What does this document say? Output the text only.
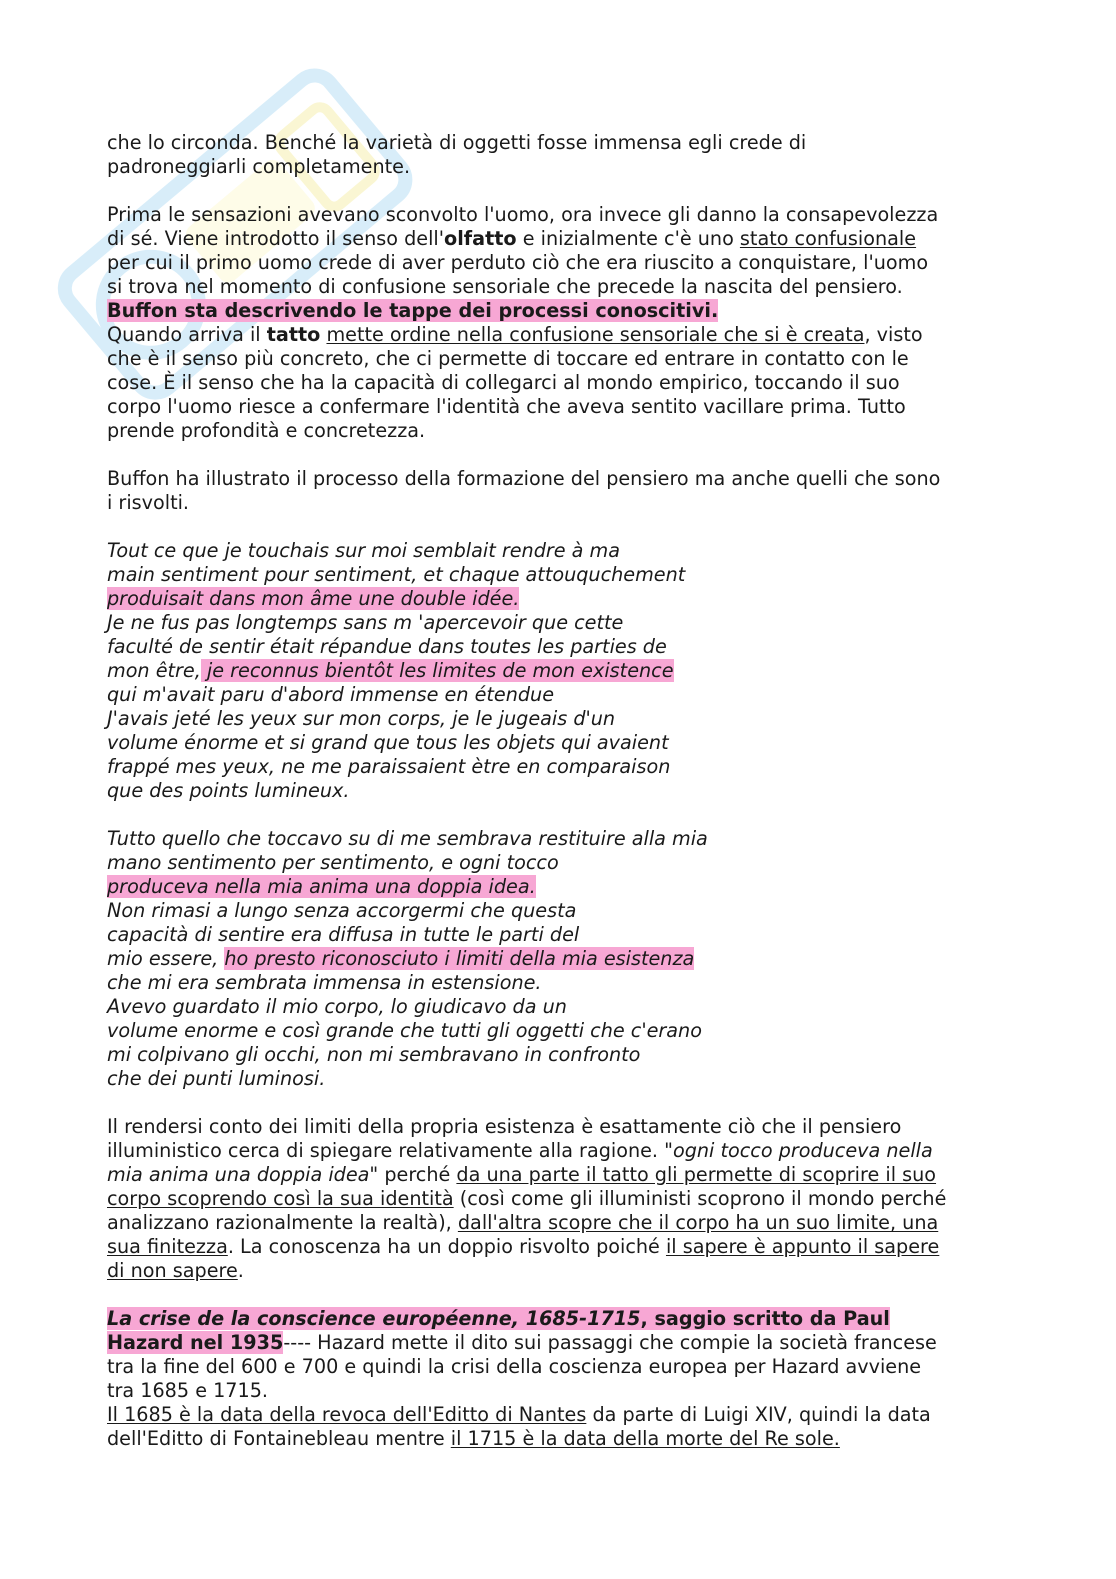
che lo circonda. Benché la varietà di oggetti fosse immensa egli crede di
padroneggiarli completamente.

Prima le sensazioni avevano sconvolto l'uomo, ora invece gli danno la consapevolezza
di sé. Viene introdotto il senso dell'olfatto e inizialmente c'è uno stato confusionale
per cui il primo uomo crede di aver perduto ciò che era riuscito a conquistare, l'uomo
si trova nel momento di confusione sensoriale che precede la nascita del pensiero.
Buffon sta descrivendo le tappe dei processi conoscitivi.
Quando arriva il tatto mette ordine nella confusione sensoriale che si è creata, visto
che è il senso più concreto, che ci permette di toccare ed entrare in contatto con le
cose. È il senso che ha la capacità di collegarci al mondo empirico, toccando il suo
corpo l'uomo riesce a confermare l'identità che aveva sentito vacillare prima. Tutto
prende profondità e concretezza.

Buffon ha illustrato il processo della formazione del pensiero ma anche quelli che sono
i risvolti.

Tout ce que je touchais sur moi semblait rendre à ma
main sentiment pour sentiment, et chaque attouquchement
produisait dans mon âme une double idée.
Je ne fus pas longtemps sans m 'apercevoir que cette
faculté de sentir était répandue dans toutes les parties de
mon être, je reconnus bientôt les limites de mon existence
qui m'avait paru d'abord immense en étendue
J'avais jeté les yeux sur mon corps, je le jugeais d'un
volume énorme et si grand que tous les objets qui avaient
frappé mes yeux, ne me paraissaient ètre en comparaison
que des points lumineux.

Tutto quello che toccavo su di me sembrava restituire alla mia
mano sentimento per sentimento, e ogni tocco
produceva nella mia anima una doppia idea.
Non rimasi a lungo senza accorgermi che questa
capacità di sentire era diffusa in tutte le parti del
mio essere, ho presto riconosciuto i limiti della mia esistenza
che mi era sembrata immensa in estensione.
Avevo guardato il mio corpo, lo giudicavo da un
volume enorme e così grande che tutti gli oggetti che c'erano
mi colpivano gli occhi, non mi sembravano in confronto
che dei punti luminosi.

Il rendersi conto dei limiti della propria esistenza è esattamente ciò che il pensiero
illuministico cerca di spiegare relativamente alla ragione. "ogni tocco produceva nella
mia anima una doppia idea" perché da una parte il tatto gli permette di scoprire il suo
corpo scoprendo così la sua identità (così come gli illuministi scoprono il mondo perché
analizzano razionalmente la realtà), dall'altra scopre che il corpo ha un suo limite, una
sua finitezza. La conoscenza ha un doppio risvolto poiché il sapere è appunto il sapere
di non sapere.

La crise de la conscience européenne, 1685-1715, saggio scritto da Paul
Hazard nel 1935---- Hazard mette il dito sui passaggi che compie la società francese
tra la fine del 600 e 700 e quindi la crisi della coscienza europea per Hazard avviene
tra 1685 e 1715.
Il 1685 è la data della revoca dell'Editto di Nantes da parte di Luigi XIV, quindi la data
dell'Editto di Fontainebleau mentre il 1715 è la data della morte del Re sole.
